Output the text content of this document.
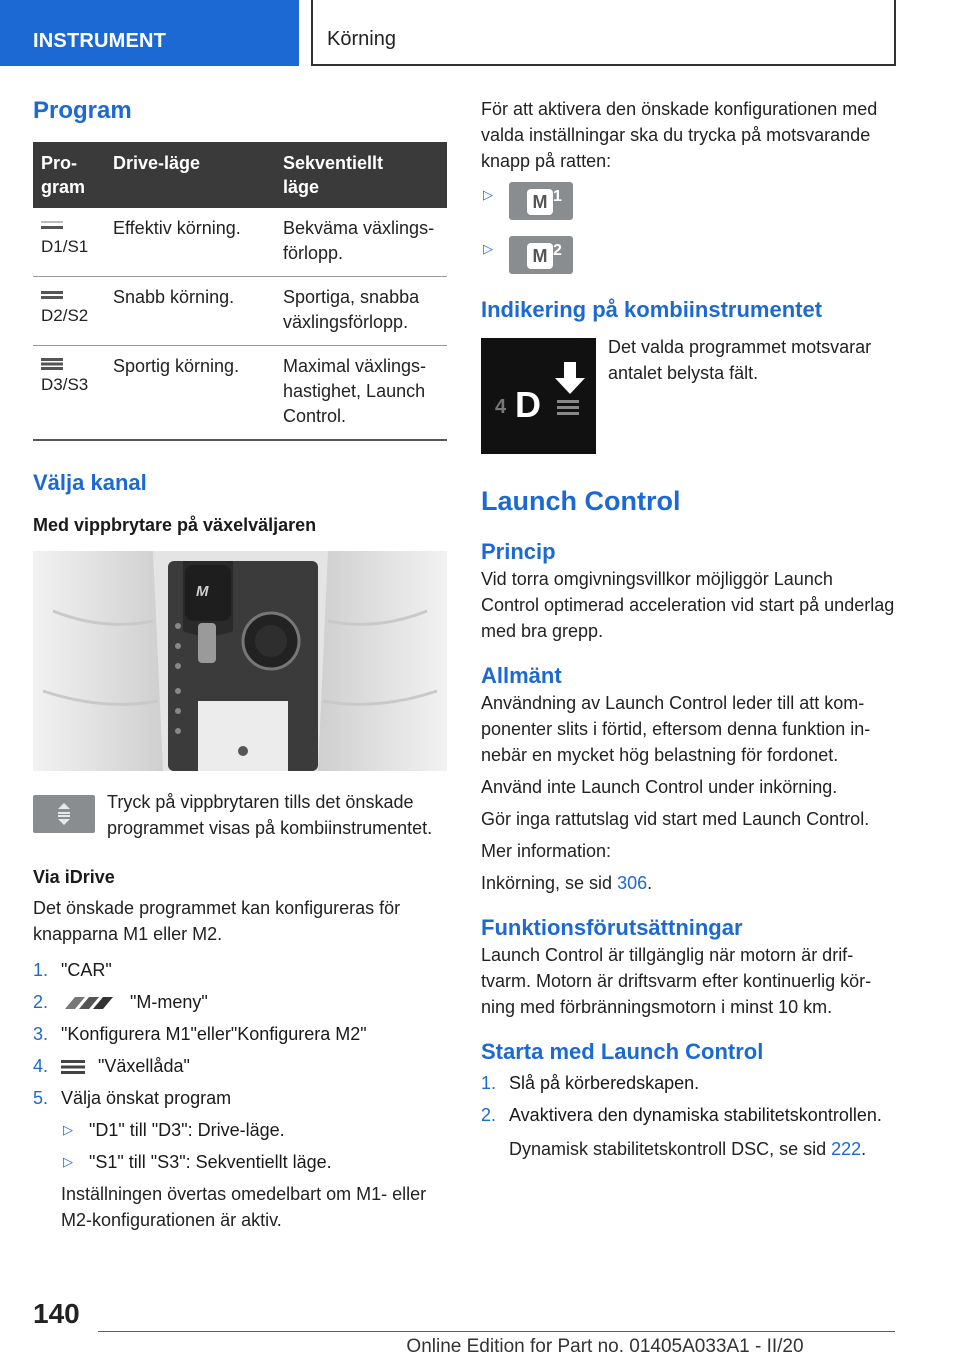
INSTRUMENT	Körning
Program
Pro-
gram	Drive-läge	Sekventiellt
läge

D1/S1	Effektiv körning.	Bekväma växlings-
förlopp.

D2/S2	Snabb körning.	Sportiga, snabba
växlingsförlopp.

D3/S3	Sportig körning.	Maximal växlings-
hastighet, Launch
Control.
Välja kanal
Med vippbrytare på växelväljaren
M

Tryck på vippbrytaren tills det önskade programmet visas på kombiinstrumentet.

Via iDrive

Det önskade programmet kan konfigureras för knapparna M1 eller M2.

1. "CAR"
2.	"M-meny"
3. "Konfigurera M1"eller"Konfigurera M2"
4.	"Växellåda"
5. Välja önskat program
▷ "D1" till "D3": Drive-läge.
▷ "S1" till "S3": Sekventiellt läge.

Inställningen övertas omedelbart om M1- eller M2-konfigurationen är aktiv.

För att aktivera den önskade konfigurationen med valda inställningar ska du trycka på motsvarande knapp på ratten:

▷	M 1
▷	M 2
Indikering på kombiinstrumentet
4 D

Det valda programmet motsvarar antalet belysta fält.

Launch Control
Princip

Vid torra omgivningsvillkor möjliggör Launch Control optimerad acceleration vid start på underlag med bra grepp.

Allmänt

Användning av Launch Control leder till att komponenter slits i förtid, eftersom denna funktion innebär en mycket hög belastning för fordonet.

Använd inte Launch Control under inkörning.

Gör inga rattutslag vid start med Launch Control.

Mer information:

Inkörning, se sid 306.

Funktionsförutsättningar

Launch Control är tillgänglig när motorn är driftvarm. Motorn är driftsvarm efter kontinuerlig körning med förbränningsmotorn i minst 10 km.

Starta med Launch Control
1. Slå på körberedskapen.
2. Avaktivera den dynamiska stabilitetskontrollen.

Dynamisk stabilitetskontroll DSC, se sid 222.

140
Online Edition for Part no. 01405A033A1 - II/20
